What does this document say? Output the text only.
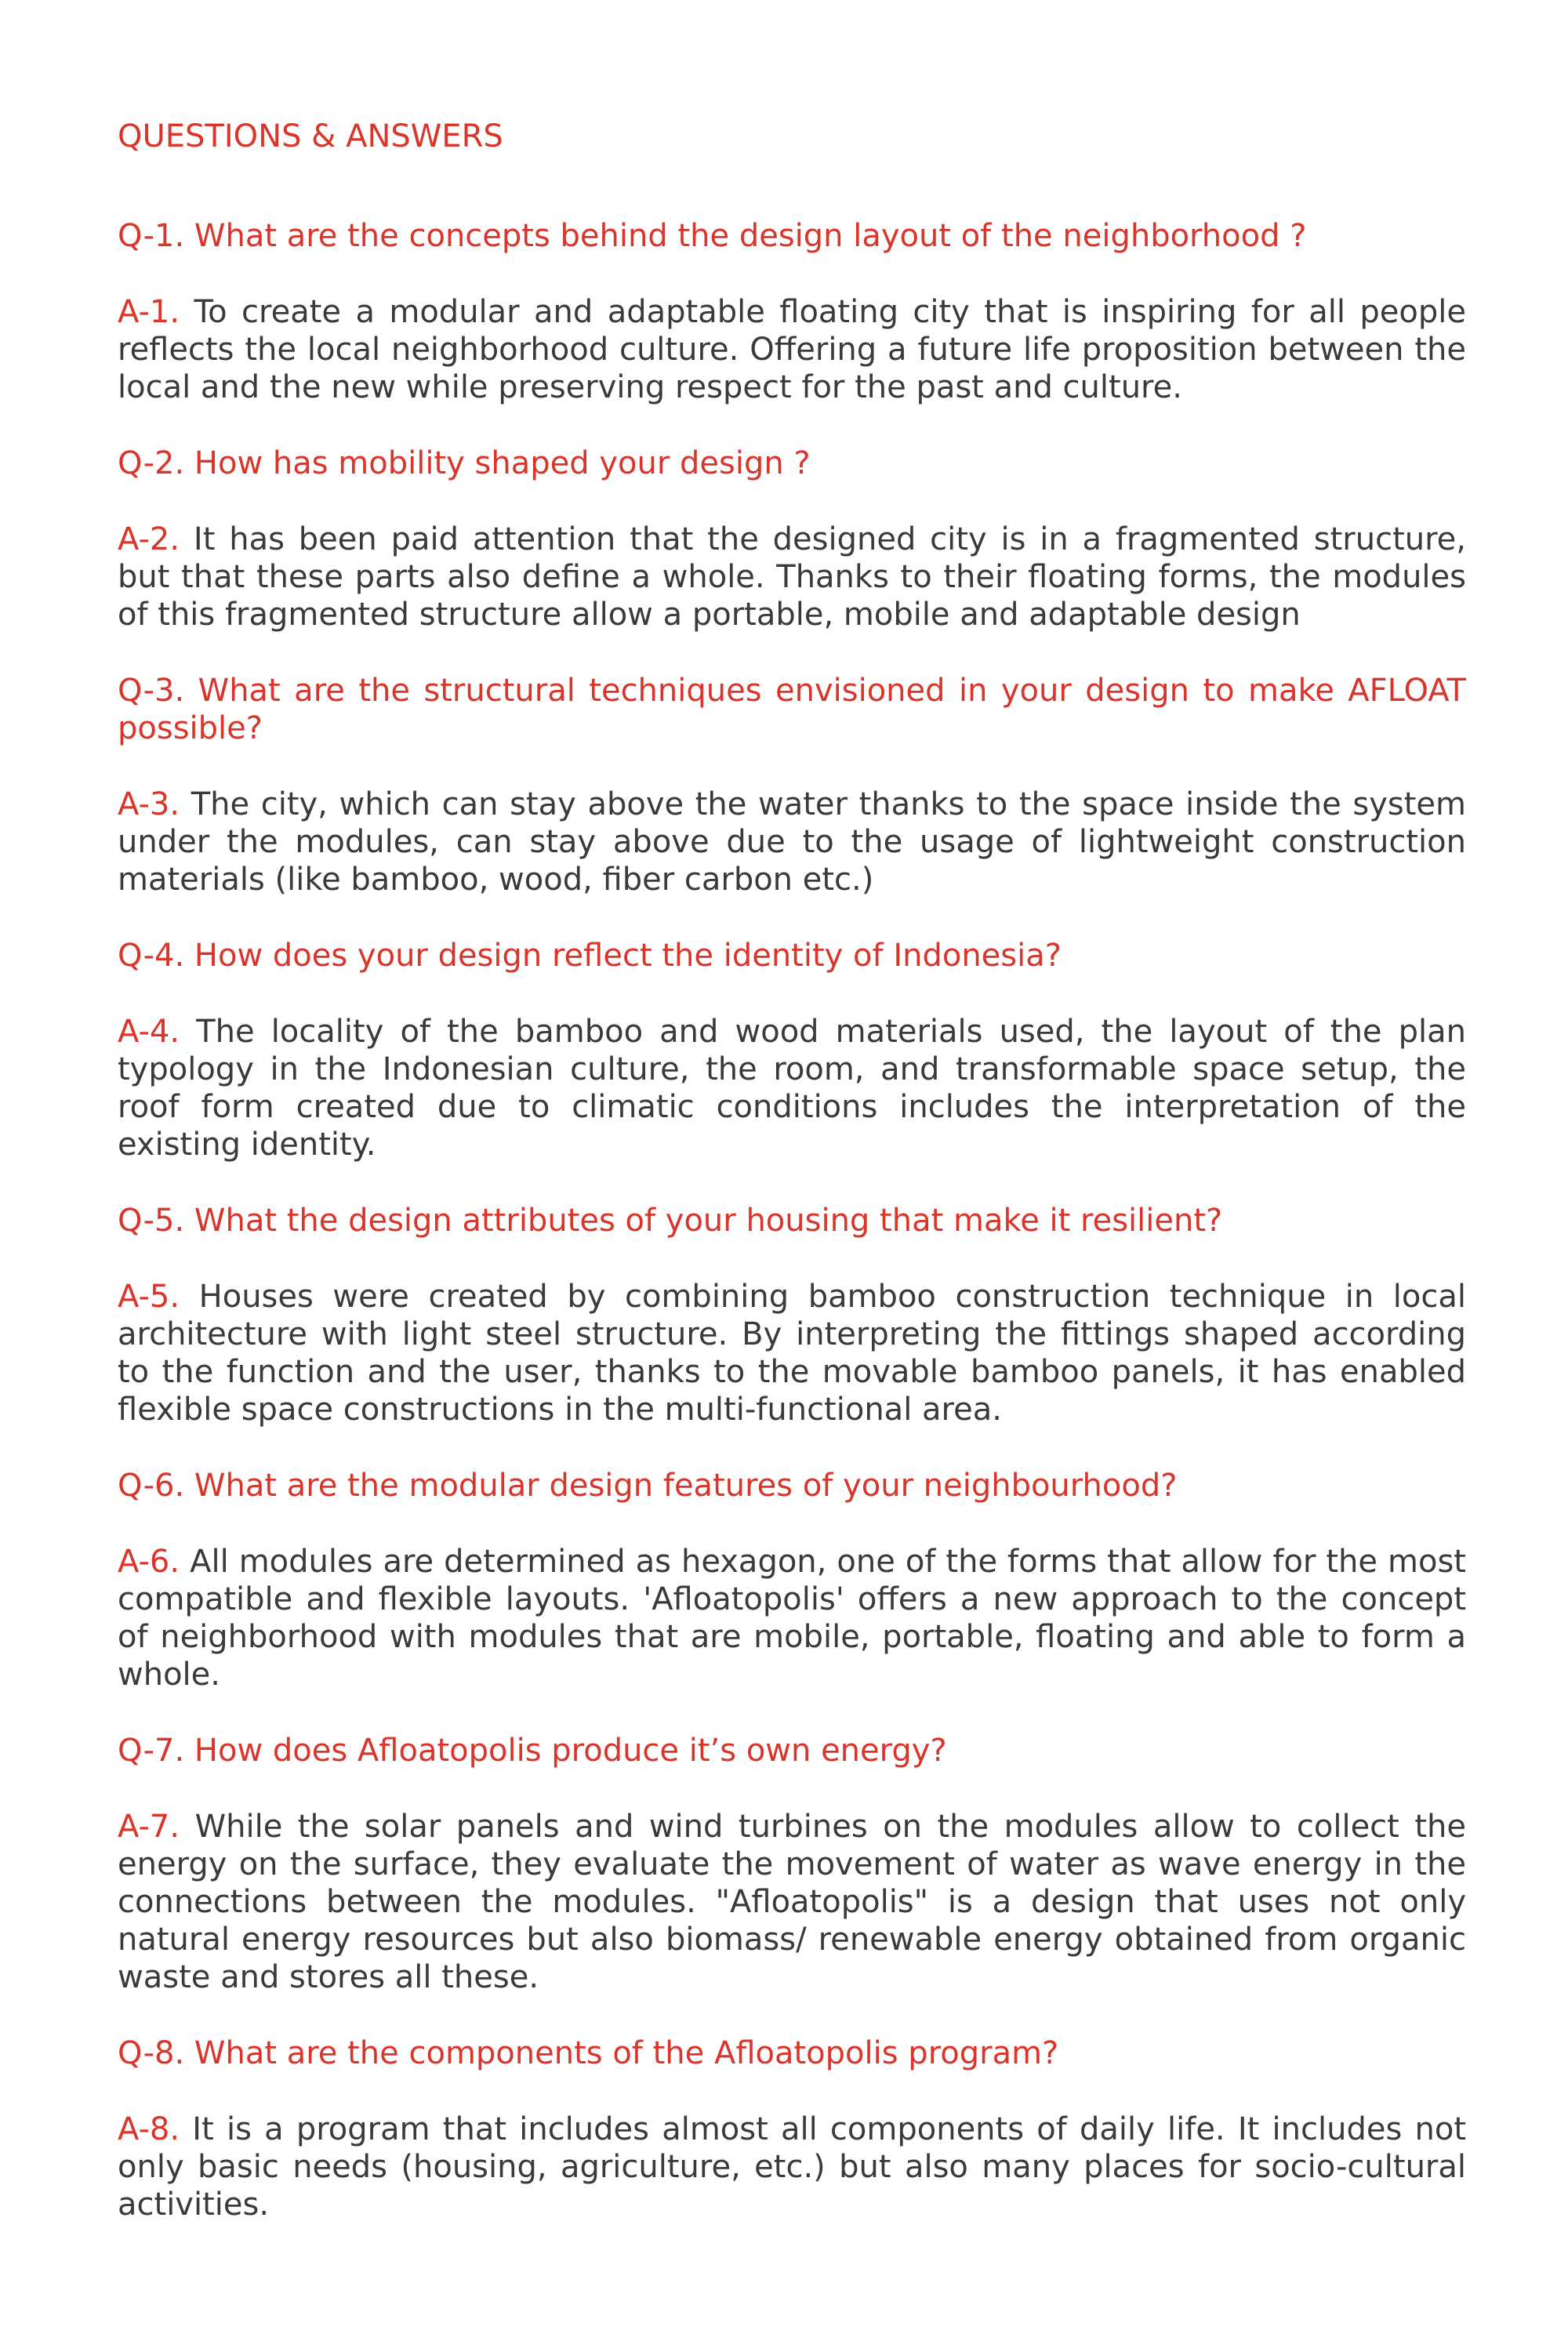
QUESTIONS & ANSWERS
Q-1. What are the concepts behind the design layout of the neighborhood ?
A-1. To create a modular and adaptable floating city that is inspiring for all people reflects the local neighborhood culture. Offering a future life proposition between the local and the new while preserving respect for the past and culture.
Q-2. How has mobility shaped your design ?
A-2. It has been paid attention that the designed city is in a fragmented structure, but that these parts also define a whole. Thanks to their floating forms, the modules of this fragmented structure allow a portable, mobile and adaptable design
Q-3. What are the structural techniques envisioned in your design to make AFLOAT possible?
A-3. The city, which can stay above the water thanks to the space inside the system under the modules, can stay above due to the usage of lightweight construction materials (like bamboo, wood, fiber carbon etc.)
Q-4. How does your design reflect the identity of Indonesia?
A-4. The locality of the bamboo and wood materials used, the layout of the plan typology in the Indonesian culture, the room, and transformable space setup, the roof form created due to climatic conditions includes the interpretation of the existing identity.
Q-5. What the design attributes of your housing that make it resilient?
A-5. Houses were created by combining bamboo construction technique in local architecture with light steel structure. By interpreting the fittings shaped according to the function and the user, thanks to the movable bamboo panels, it has enabled flexible space constructions in the multi-functional area.
Q-6. What are the modular design features of your neighbourhood?
A-6. All modules are determined as hexagon, one of the forms that allow for the most compatible and flexible layouts. 'Afloatopolis' offers a new approach to the concept of neighborhood with modules that are mobile, portable, floating and able to form a whole.
Q-7. How does Afloatopolis produce it’s own energy?
A-7. While the solar panels and wind turbines on the modules allow to collect the energy on the surface, they evaluate the movement of water as wave energy in the connections between the modules. "Afloatopolis" is a design that uses not only natural energy resources but also biomass/ renewable energy obtained from organic waste and stores all these.
Q-8. What are the components of the Afloatopolis program?
A-8. It is a program that includes almost all components of daily life. It includes not only basic needs (housing, agriculture, etc.) but also many places for socio-cultural activities.
